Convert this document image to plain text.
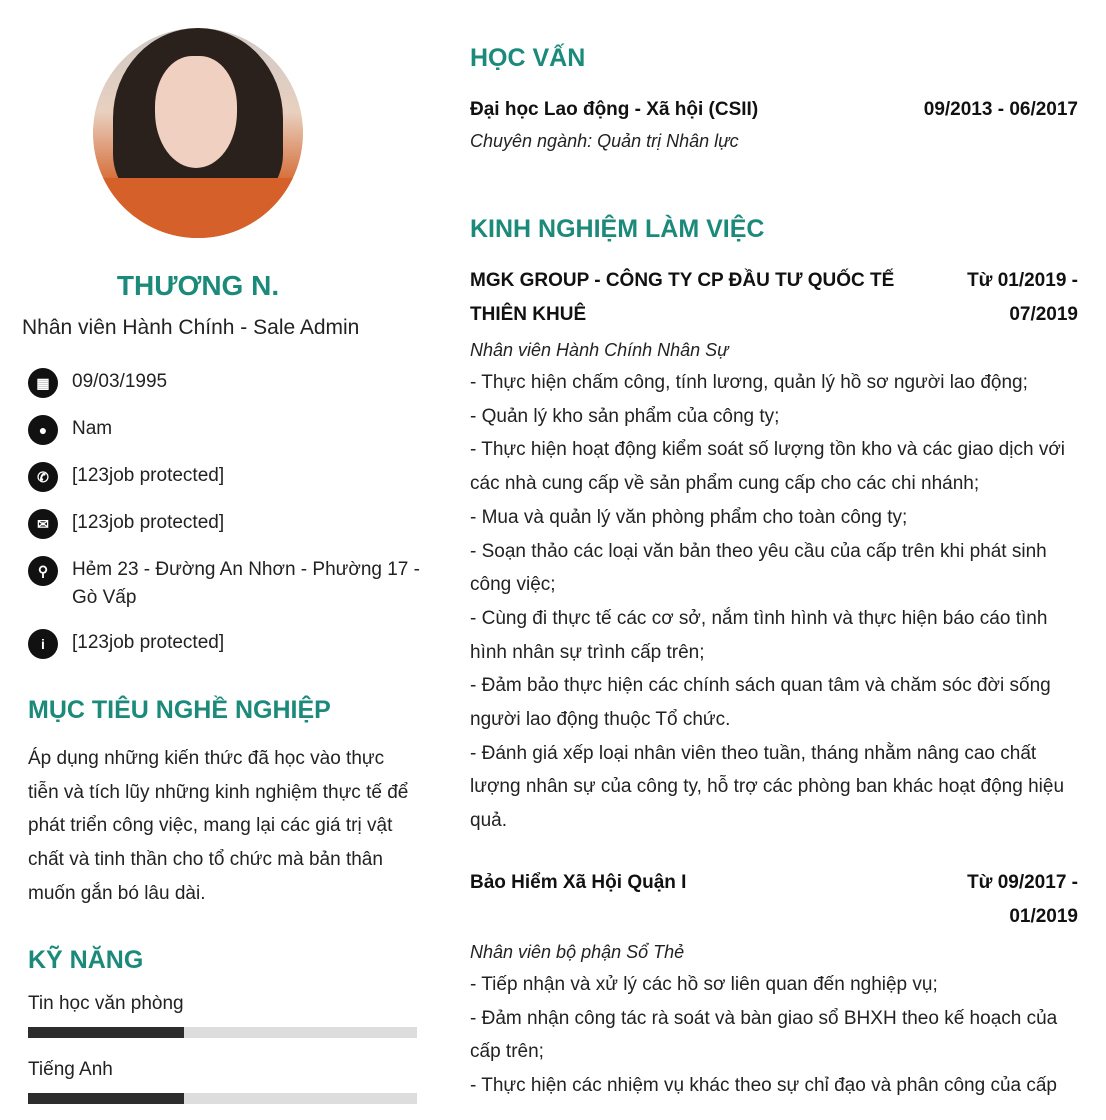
THƯƠNG N.
Nhân viên Hành Chính - Sale Admin
▦	09/03/1995
●	Nam
✆	[123job protected]
✉	[123job protected]
⚲	Hẻm 23 - Đường An Nhơn - Phường 17 - Gò Vấp
i	[123job protected]
MỤC TIÊU NGHỀ NGHIỆP
Áp dụng những kiến thức đã học vào thực tiễn và tích lũy những kinh nghiệm thực tế để phát triển công việc, mang lại các giá trị vật chất và tinh thần cho tổ chức mà bản thân muốn gắn bó lâu dài.
KỸ NĂNG
Tin học văn phòng
Tiếng Anh
HỌC VẤN
Đại học Lao động - Xã hội (CSII)	09/2013 - 06/2017
Chuyên ngành: Quản trị Nhân lực
KINH NGHIỆM LÀM VIỆC
MGK GROUP - CÔNG TY CP ĐẦU TƯ QUỐC TẾ THIÊN KHUÊ
Từ 01/2019 -
07/2019
Nhân viên Hành Chính Nhân Sự
- Thực hiện chấm công, tính lương, quản lý hồ sơ người lao động;
- Quản lý kho sản phẩm của công ty;
- Thực hiện hoạt động kiểm soát số lượng tồn kho và các giao dịch với các nhà cung cấp về sản phẩm cung cấp cho các chi nhánh;
- Mua và quản lý văn phòng phẩm cho toàn công ty;
- Soạn thảo các loại văn bản theo yêu cầu của cấp trên khi phát sinh công việc;
- Cùng đi thực tế các cơ sở, nắm tình hình và thực hiện báo cáo tình hình nhân sự trình cấp trên;
- Đảm bảo thực hiện các chính sách quan tâm và chăm sóc đời sống người lao động thuộc Tổ chức.
- Đánh giá xếp loại nhân viên theo tuần, tháng nhằm nâng cao chất lượng nhân sự của công ty, hỗ trợ các phòng ban khác hoạt động hiệu quả.
Bảo Hiểm Xã Hội Quận I	Từ 09/2017 -
01/2019
Nhân viên bộ phận Sổ Thẻ
- Tiếp nhận và xử lý các hồ sơ liên quan đến nghiệp vụ;
- Đảm nhận công tác rà soát và bàn giao sổ BHXH theo kế hoạch của cấp trên;
- Thực hiện các nhiệm vụ khác theo sự chỉ đạo và phân công của cấp
